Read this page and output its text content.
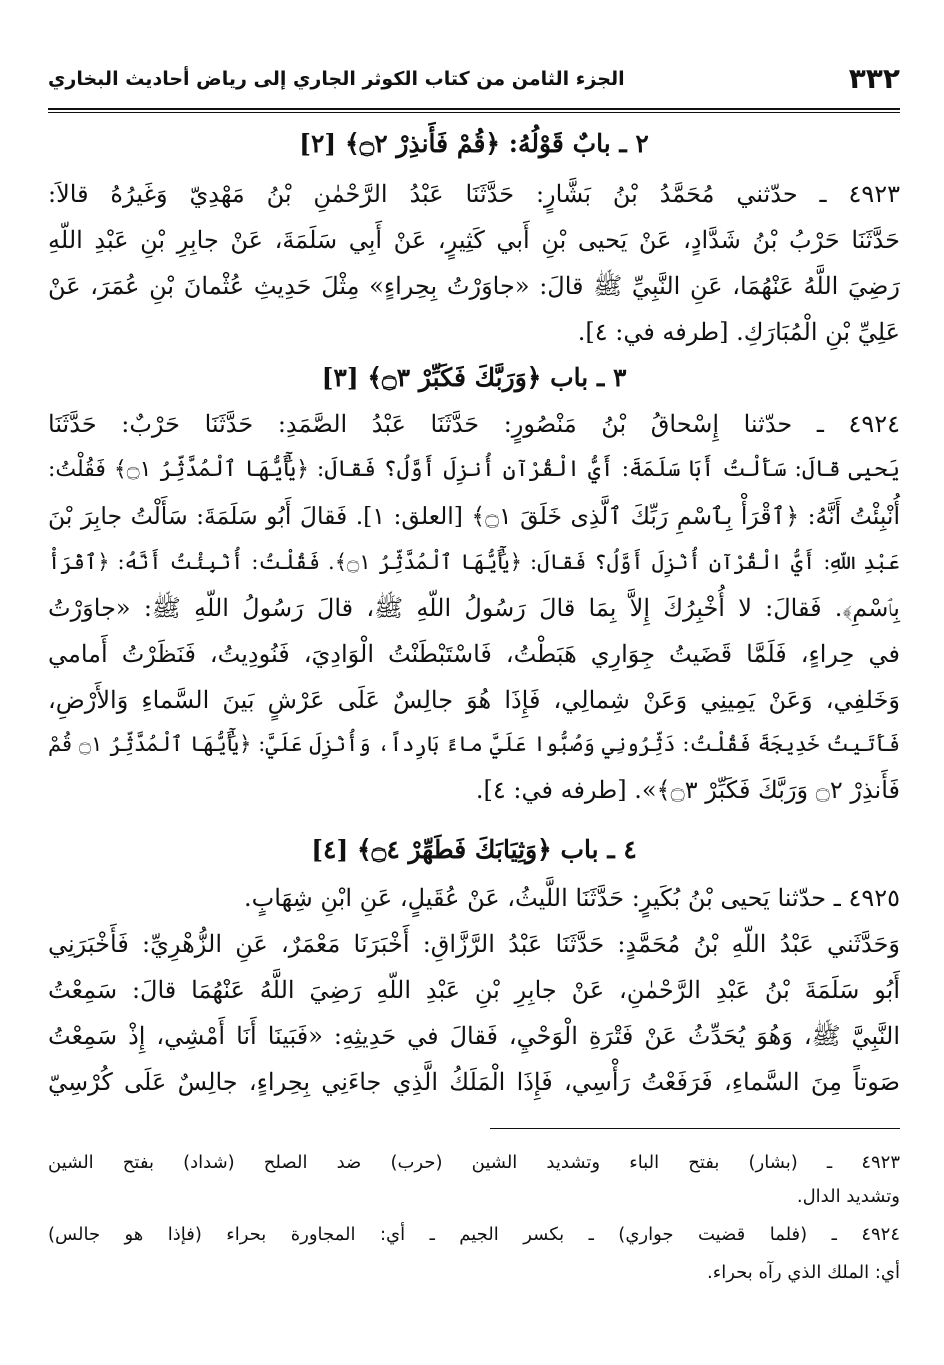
٣٣٢
الجزء الثامن من كتاب الكوثر الجاري إلى رياض أحاديث البخاري
٢ ـ بابٌ قَوْلُهُ: ﴿قُمْ فَأَنذِرْ ۝٢﴾ [٢]
٤٩٢٣ ـ حدّثني مُحَمَّدُ بْنُ بَشَّارٍ: حَدَّثَنَا عَبْدُ الرَّحْمٰنِ بْنُ مَهْدِيّ وَغَيرُهُ قالاَ:
حَدَّثَنَا حَرْبُ بْنُ شَدَّادٍ، عَنْ يَحيى بْنِ أَبي كَثِيرٍ، عَنْ أَبِي سَلَمَةَ، عَنْ جابِرِ بْنِ عَبْدِ اللّهِ
رَضِيَ اللَّهُ عَنْهُمَا، عَنِ النَّبِيِّ ﷺ قالَ: «جاوَرْتُ بِحِراءٍ» مِثْلَ حَدِيثِ عُثْمانَ بْنِ عُمَرَ، عَنْ
عَلِيِّ بْنِ الْمُبَارَكِ. [طرفه في: ٤].
٣ ـ باب ﴿وَرَبَّكَ فَكَبِّرْ ۝٣﴾ [٣]
٤٩٢٤ ـ حدّثنا إِسْحاقُ بْنُ مَنْصُورٍ: حَدَّثَنَا عَبْدُ الصَّمَدِ: حَدَّثَنَا حَرْبٌ: حَدَّثَنَا
يَحيى قالَ: سَأَلْتُ أَبَا سَلَمَةَ: أَيُّ الْقُرْآنِ أُنزِلَ أَوَّلُ؟ فَقالَ: ﴿يَٰٓأَيُّهَا ٱلْمُدَّثِّرُ ۝١﴾ فَقُلْتُ:
أُنْبِئْتُ أَنَّهُ: ﴿ٱقْرَأْ بِٱسْمِ رَبِّكَ ٱلَّذِى خَلَقَ ۝١﴾ [العلق: ١]. فَقالَ أَبُو سَلَمَةَ: سَأَلْتُ جابِرَ بْنَ
عَبْدِ اللّهِ: أَيُّ الْقُرْآنِ أُنْزِلَ أَوَّلُ؟ فَقالَ: ﴿يَٰٓأَيُّهَا ٱلْمُدَّثِّرُ ۝١﴾. فَقُلْتُ: أُنْبِئْتُ أَنَّهُ: ﴿ٱقْرَأْ
بِٱسْمِ﴾. فَقالَ: لا أُخْبِرُكَ إِلاَّ بِمَا قالَ رَسُولُ اللّهِ ﷺ، قالَ رَسُولُ اللّهِ ﷺ: «جاوَرْتُ
في حِراءٍ، فَلَمَّا قَضَيتُ جِوَارِي هَبَطْتُ، فَاسْتَبْطَنْتُ الْوَادِيَ، فَنُودِيتُ، فَنَظَرْتُ أَمامي
وَخَلفِي، وَعَنْ يَمِينِي وَعَنْ شِمالِي، فَإِذَا هُوَ جالِسٌ عَلَى عَرْشٍ بَينَ السَّماءِ وَالأَرْضِ،
فَأَتَيتُ خَدِيجَةَ فَقُلْتُ: دَثِّرُونِي وَصُبُّوا عَلَيَّ ماءً بَارِداً، وَأُنْزِلَ عَلَيَّ: ﴿يَٰٓأَيُّهَا ٱلْمُدَّثِّرُ ۝١ قُمْ
فَأَنذِرْ ۝٢ وَرَبَّكَ فَكَبِّرْ ۝٣﴾». [طرفه في: ٤].
٤ ـ باب ﴿وَثِيَابَكَ فَطَهِّرْ ۝٤﴾ [٤]
٤٩٢٥ ـ حدّثنا يَحيى بْنُ بُكَيرٍ: حَدَّثَنَا اللَّيثُ، عَنْ عُقَيلٍ، عَنِ ابْنِ شِهَابٍ.
وَحَدَّثَني عَبْدُ اللّهِ بْنُ مُحَمَّدٍ: حَدَّثَنَا عَبْدُ الرَّزَّاقِ: أَخْبَرَنَا مَعْمَرٌ، عَنِ الزُّهْرِيِّ: فَأَخْبَرَنِي
أَبُو سَلَمَةَ بْنُ عَبْدِ الرَّحْمٰنِ، عَنْ جابِرِ بْنِ عَبْدِ اللّهِ رَضِيَ اللَّهُ عَنْهُمَا قالَ: سَمِعْتُ
النَّبِيَّ ﷺ، وَهُوَ يُحَدِّثُ عَنْ فَتْرَةِ الْوَحْيِ، فَقالَ في حَدِيثِهِ: «فَبَينَا أَنَا أَمْشِي، إِذْ سَمِعْتُ
صَوتاً مِنَ السَّماءِ، فَرَفَعْتُ رَأْسِي، فَإِذَا الْمَلَكُ الَّذِي جاءَنِي بِحِراءٍ، جالِسٌ عَلَى كُرْسِيّ
٤٩٢٣ ـ (بشار) بفتح الباء وتشديد الشين (حرب) ضد الصلح (شداد) بفتح الشين
وتشديد الدال.
٤٩٢٤ ـ (فلما قضيت جواري) ـ بكسر الجيم ـ أي: المجاورة بحراء (فإذا هو جالس)
أي: الملك الذي رآه بحراء.
